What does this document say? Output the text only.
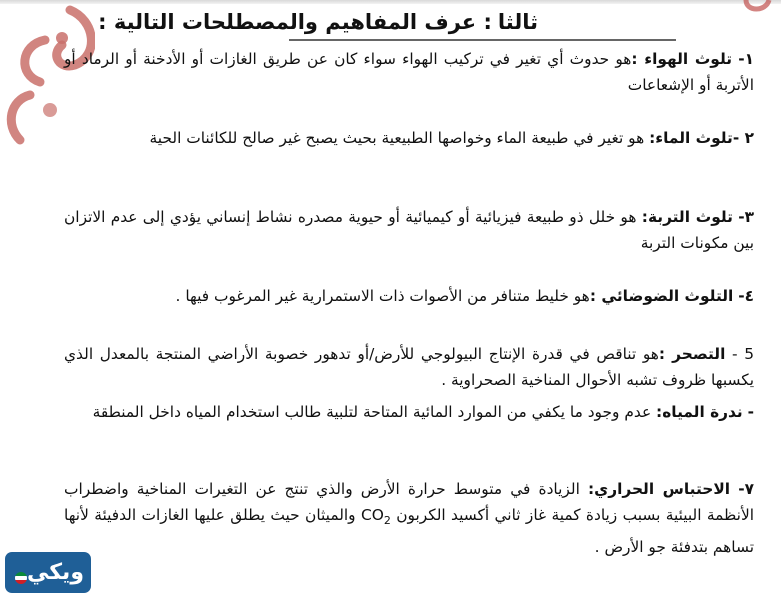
ثالثا: عرف المفاهيم والمصطلحات التالية :
١- تلوث الهواء :هو حدوث أي تغير في تركيب الهواء سواء كان عن طريق الغازات أو الأدخنة أو الرماد أو الأتربة أو الإشعاعات
٢ -تلوث الماء: هو تغير في طبيعة الماء وخواصها الطبيعية بحيث يصبح غير صالح للكائنات الحية
٣- تلوث التربة: هو خلل ذو طبيعة فيزيائية أو كيميائية أو حيوية مصدره نشاط إنساني يؤدي إلى عدم الاتزان بين مكونات التربة
٤- التلوث الضوضائي :هو خليط متنافر من الأصوات ذات الاستمرارية غير المرغوب فيها .
5 - التصحر :هو تناقص في قدرة الإنتاج البيولوجي للأرض/أو تدهور خصوبة الأراضي المنتجة بالمعدل الذي يكسبها ظروف تشبه الأحوال المناخية الصحراوية .
- ندرة المياه: عدم وجود ما يكفي من الموارد المائية المتاحة لتلبية طالب استخدام المياه داخل المنطقة
٧- الاحتباس الحراري: الزيادة في متوسط حرارة الأرض والذي تنتج عن التغيرات المناخية واضطراب الأنظمة البيئية بسبب زيادة كمية غاز ثاني أكسيد الكربون $CO_2$ والميثان حيث يطلق عليها الغازات الدفيئة لأنها تساهم بتدفئة جو الأرض .
ويكي
